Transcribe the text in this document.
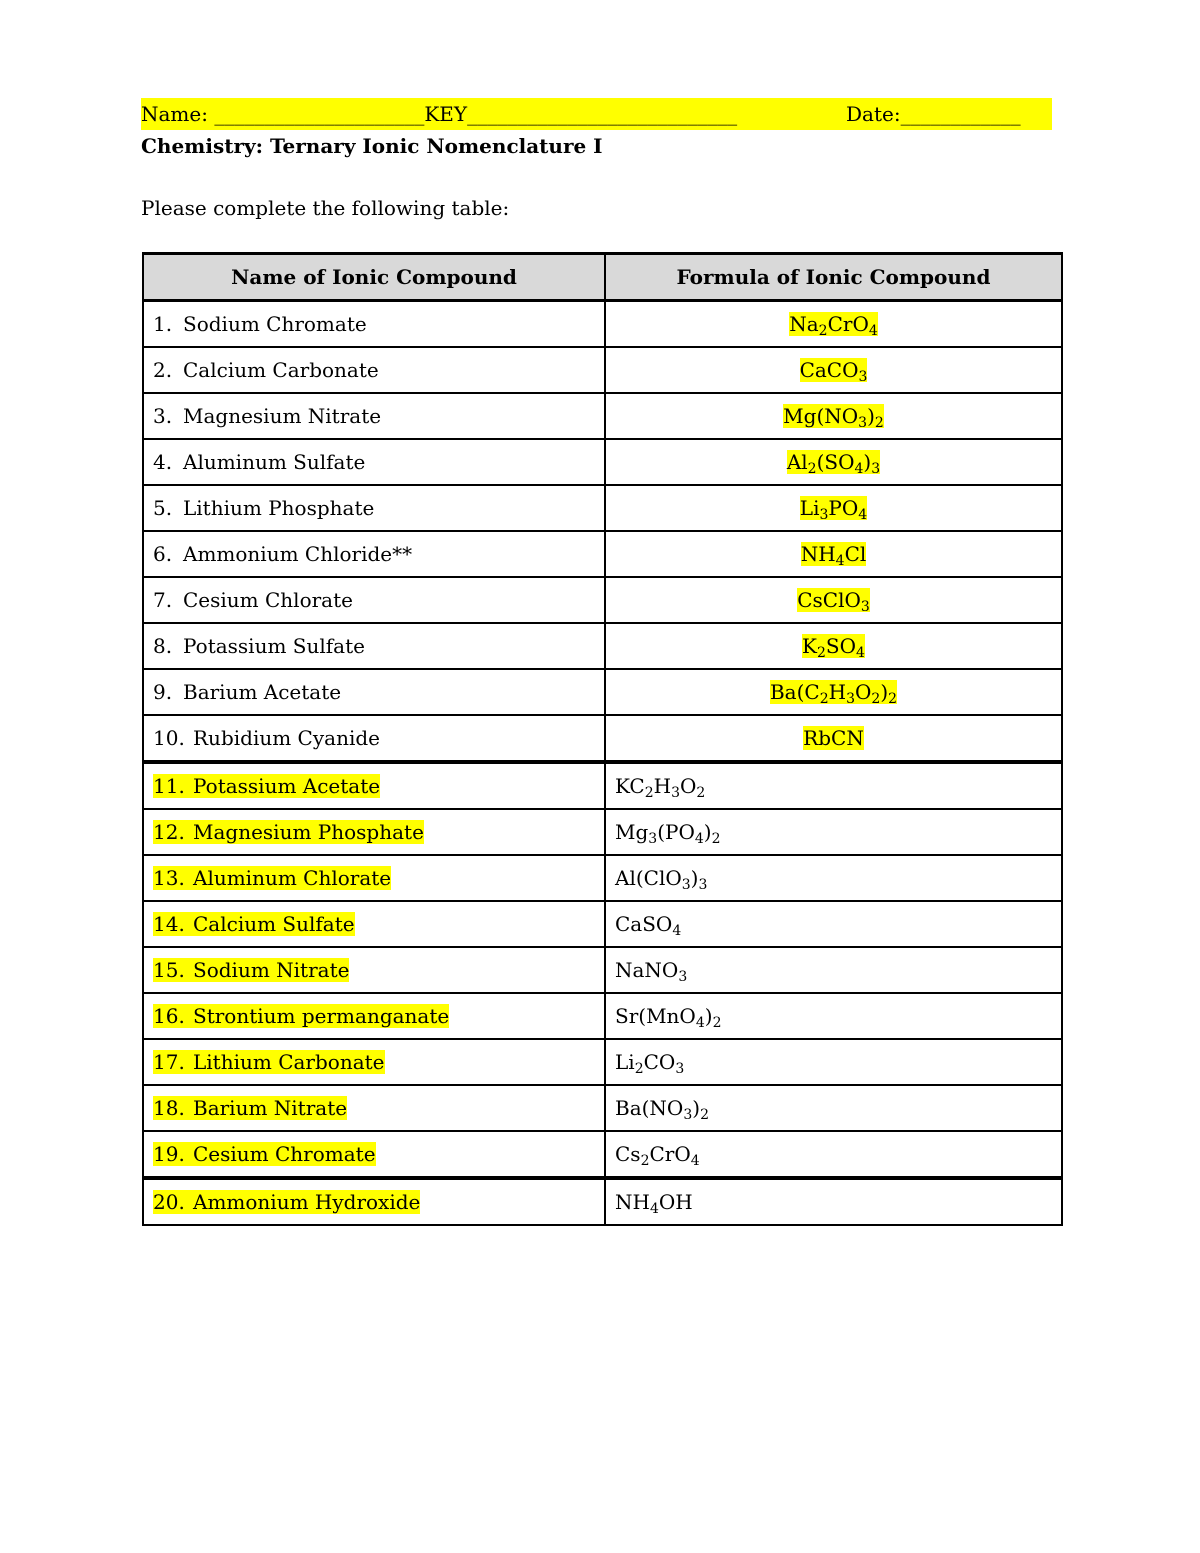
Name: _____________________KEY___________________________	Date:____________
Chemistry: Ternary Ionic Nomenclature I
Please complete the following table:
Name of Ionic Compound	Formula of Ionic Compound
1. Sodium Chromate	$Na_2CrO_4$
2. Calcium Carbonate	CaCO$_3$
3. Magnesium Nitrate	$Mg(NO_3)_2$
4. Aluminum Sulfate	$Al_2(SO_4)_3$
5. Lithium Phosphate	$Li_3PO_4$
6. Ammonium Chloride**	$NH_4Cl$
7. Cesium Chlorate	CsClO$_3$
8. Potassium Sulfate	$K_2SO_4$
9. Barium Acetate	$Ba(C_2H_3O_2)_2$
10. Rubidium Cyanide	RbCN
11. Potassium Acetate	$KC_2H_3O_2$
12. Magnesium Phosphate	$Mg_3(PO_4)_2$
13. Aluminum Chlorate	$Al(ClO_3)_3$
14. Calcium Sulfate	CaSO$_4$
15. Sodium Nitrate	NaNO$_3$
16. Strontium permanganate	$Sr(MnO_4)_2$
17. Lithium Carbonate	$Li_2CO_3$
18. Barium Nitrate	$Ba(NO_3)_2$
19. Cesium Chromate	$Cs_2CrO_4$
20. Ammonium Hydroxide	$NH_4OH$
